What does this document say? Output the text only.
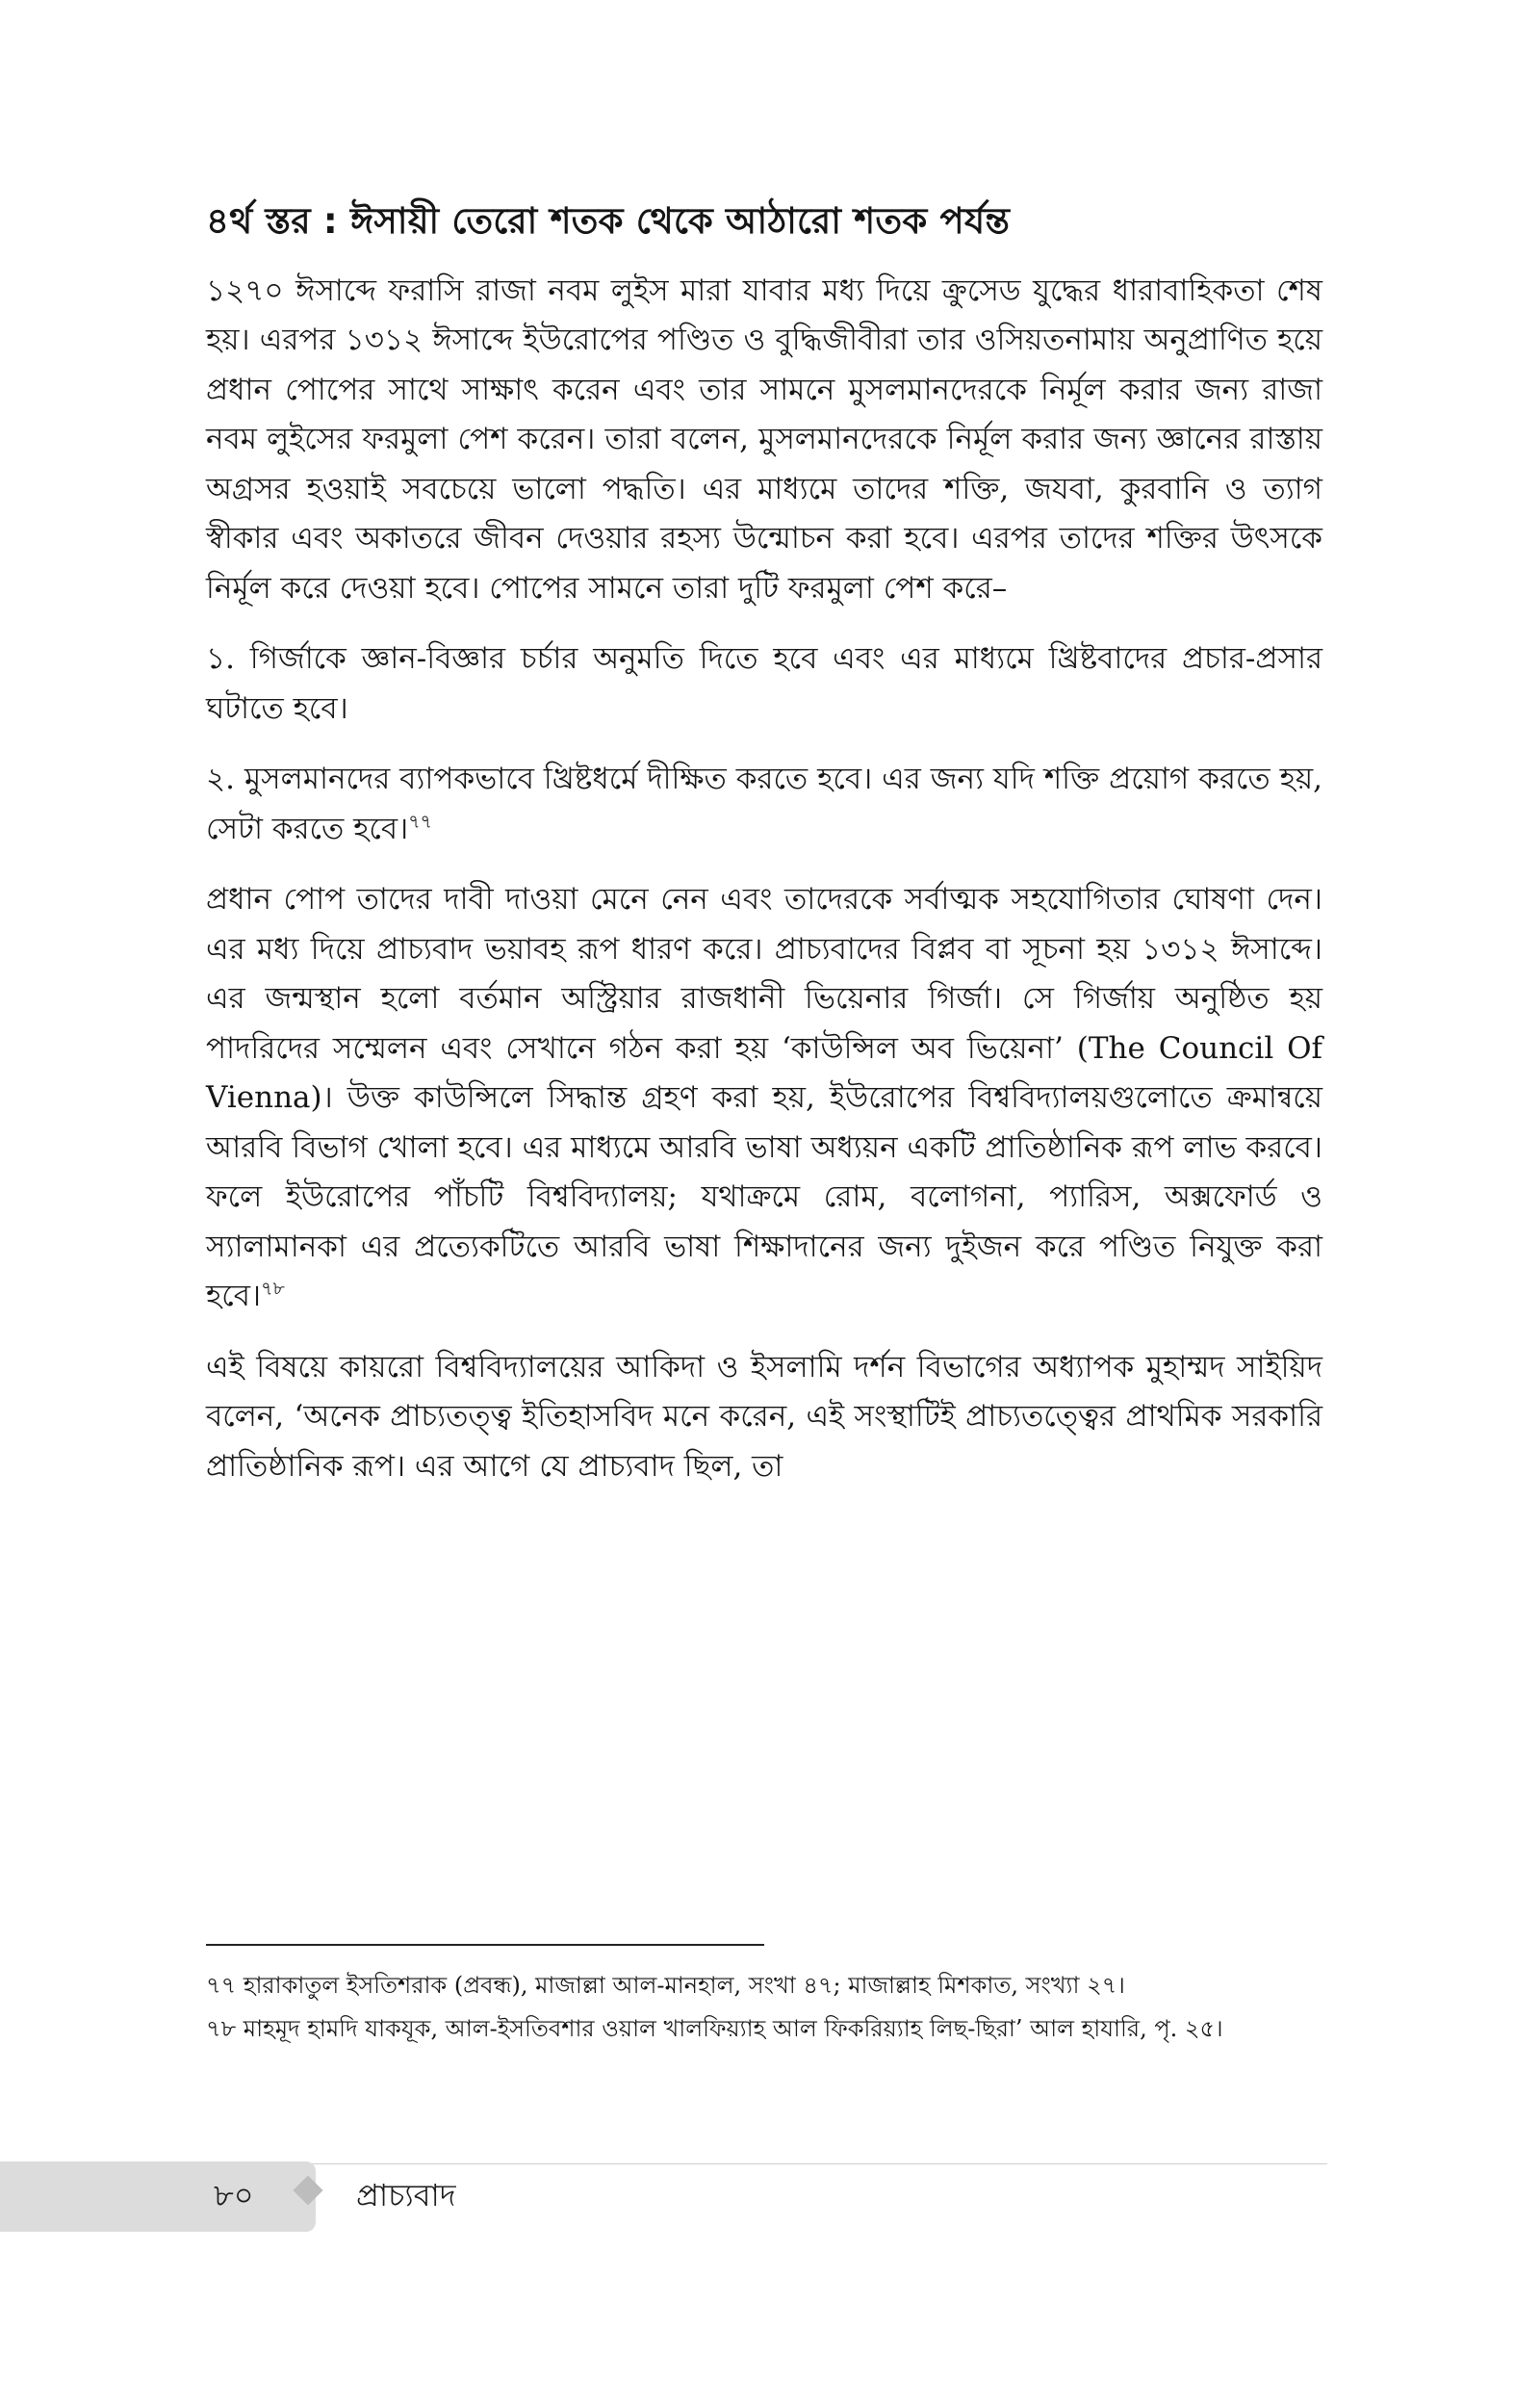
৪র্থ স্তর : ঈসায়ী তেরো শতক থেকে আঠারো শতক পর্যন্ত

১২৭০ ঈসাব্দে ফরাসি রাজা নবম লুইস মারা যাবার মধ্য দিয়ে ক্রুসেড যুদ্ধের ধারাবাহিকতা শেষ হয়। এরপর ১৩১২ ঈসাব্দে ইউরোপের পণ্ডিত ও বুদ্ধিজীবীরা তার ওসিয়তনামায় অনুপ্রাণিত হয়ে প্রধান পোপের সাথে সাক্ষাৎ করেন এবং তার সামনে মুসলমানদেরকে নির্মূল করার জন্য রাজা নবম লুইসের ফরমুলা পেশ করেন। তারা বলেন, মুসলমানদেরকে নির্মূল করার জন্য জ্ঞানের রাস্তায় অগ্রসর হওয়াই সবচেয়ে ভালো পদ্ধতি। এর মাধ্যমে তাদের শক্তি, জযবা, কুরবানি ও ত্যাগ স্বীকার এবং অকাতরে জীবন দেওয়ার রহস্য উন্মোচন করা হবে। এরপর তাদের শক্তির উৎসকে নির্মূল করে দেওয়া হবে। পোপের সামনে তারা দুটি ফরমুলা পেশ করে–

১. গির্জাকে জ্ঞান-বিজ্ঞার চর্চার অনুমতি দিতে হবে এবং এর মাধ্যমে খ্রিষ্টবাদের প্রচার-প্রসার ঘটাতে হবে।

২. মুসলমানদের ব্যাপকভাবে খ্রিষ্টধর্মে দীক্ষিত করতে হবে। এর জন্য যদি শক্তি প্রয়োগ করতে হয়, সেটা করতে হবে।$^{৭৭}$

প্রধান পোপ তাদের দাবী দাওয়া মেনে নেন এবং তাদেরকে সর্বাত্মক সহযোগিতার ঘোষণা দেন। এর মধ্য দিয়ে প্রাচ্যবাদ ভয়াবহ রূপ ধারণ করে। প্রাচ্যবাদের বিপ্লব বা সূচনা হয় ১৩১২ ঈসাব্দে। এর জন্মস্থান হলো বর্তমান অস্ট্রিয়ার রাজধানী ভিয়েনার গির্জা। সে গির্জায় অনুষ্ঠিত হয় পাদরিদের সম্মেলন এবং সেখানে গঠন করা হয় ‘কাউন্সিল অব ভিয়েনা’ (The Council Of Vienna)। উক্ত কাউন্সিলে সিদ্ধান্ত গ্রহণ করা হয়, ইউরোপের বিশ্ববিদ্যালয়গুলোতে ক্রমান্বয়ে আরবি বিভাগ খোলা হবে। এর মাধ্যমে আরবি ভাষা অধ্যয়ন একটি প্রাতিষ্ঠানিক রূপ লাভ করবে। ফলে ইউরোপের পাঁচটি বিশ্ববিদ্যালয়; যথাক্রমে রোম, বলোগনা, প্যারিস, অক্সফোর্ড ও স্যালামানকা এর প্রত্যেকটিতে আরবি ভাষা শিক্ষাদানের জন্য দুইজন করে পণ্ডিত নিযুক্ত করা হবে।$^{৭৮}$

এই বিষয়ে কায়রো বিশ্ববিদ্যালয়ের আকিদা ও ইসলামি দর্শন বিভাগের অধ্যাপক মুহাম্মদ সাইয়িদ বলেন, ‘অনেক প্রাচ্যতত্ত্ব ইতিহাসবিদ মনে করেন, এই সংস্থাটিই প্রাচ্যতত্ত্বের প্রাথমিক সরকারি প্রাতিষ্ঠানিক রূপ। এর আগে যে প্রাচ্যবাদ ছিল, তা

৭৭ হারাকাতুল ইসতিশরাক (প্রবন্ধ), মাজাল্লা আল-মানহাল, সংখা ৪৭; মাজাল্লাহ মিশকাত, সংখ্যা ২৭।

৭৮ মাহমূদ হামদি যাকযূক, আল-ইসতিবশার ওয়াল খালফিয়্যাহ আল ফিকরিয়্যাহ লিছ-ছিরা’ আল হাযারি, পৃ. ২৫।

৮০	প্রাচ্যবাদ
